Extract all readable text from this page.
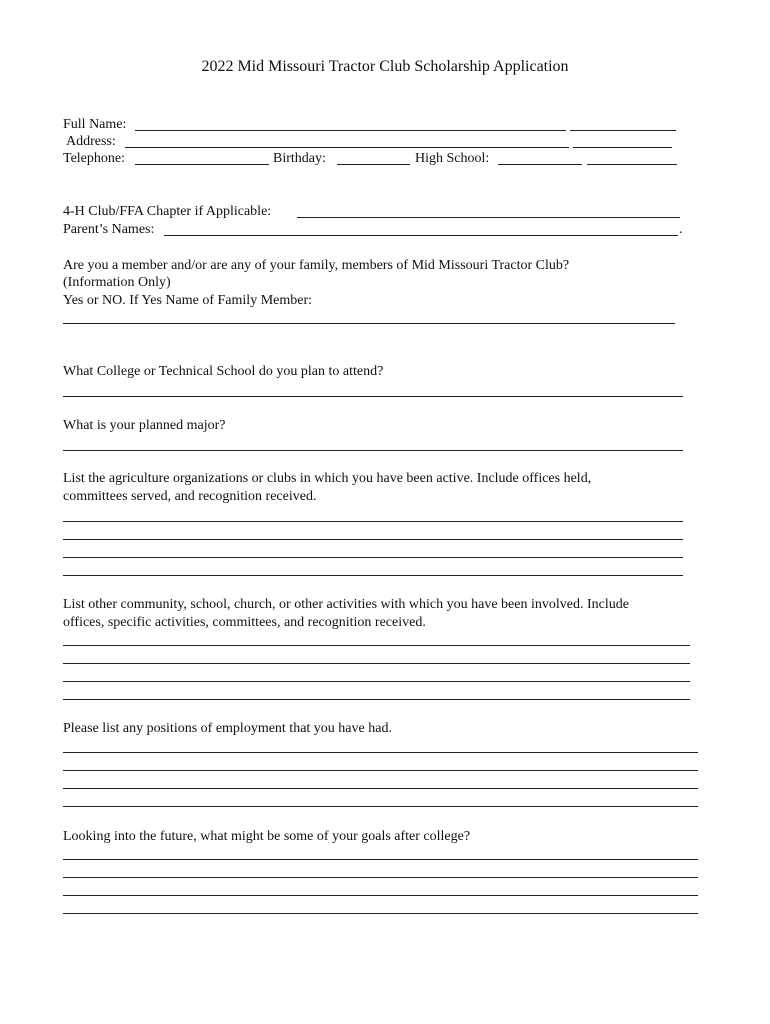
2022 Mid Missouri Tractor Club Scholarship Application
Full Name:
Address:
Telephone:	Birthday:	High School:
4-H Club/FFA Chapter if Applicable:
Parent’s Names:	.
Are you a member and/or are any of your family, members of Mid Missouri Tractor Club?
(Information Only)
Yes or NO. If Yes Name of Family Member:
What College or Technical School do you plan to attend?
What is your planned major?
List the agriculture organizations or clubs in which you have been active. Include offices held,
committees served, and recognition received.
List other community, school, church, or other activities with which you have been involved. Include
offices, specific activities, committees, and recognition received.
Please list any positions of employment that you have had.
Looking into the future, what might be some of your goals after college?
